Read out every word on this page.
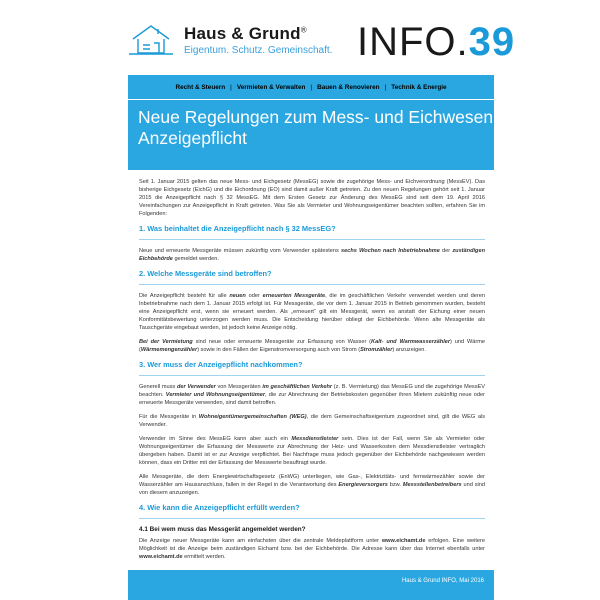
Haus & Grund®
Eigentum. Schutz. Gemeinschaft. INFO.39
Recht & Steuern | Vermieten & Verwalten | Bauen & Renovieren | Technik & Energie
Neue Regelungen zum Mess- und Eichwesen
Anzeigepflicht

Seit 1. Januar 2015 gelten das neue Mess- und Eichgesetz (MessEG) sowie die zugehörige Mess- und Eichverordnung (MessEV). Das bisherige Eichgesetz (EichG) und die Eichordnung (EO) sind damit außer Kraft getreten. Zu den neuen Regelungen gehört seit 1. Januar 2015 die Anzeigepflicht nach § 32 MessEG. Mit dem Ersten Gesetz zur Änderung des MessEG sind seit dem 19. April 2016 Vereinfachungen zur Anzeigepflicht in Kraft getreten. Was Sie als Vermieter und Wohnungseigentümer beachten sollten, erfahren Sie im Folgenden:

1. Was beinhaltet die Anzeigepflicht nach § 32 MessEG?

Neue und erneuerte Messgeräte müssen zukünftig vom Verwender spätestens sechs Wochen nach Inbetriebnahme der zuständigen Eichbehörde gemeldet werden.

2. Welche Messgeräte sind betroffen?

Die Anzeigepflicht besteht für alle neuen oder erneuerten Messgeräte, die im geschäftlichen Verkehr verwendet werden und deren Inbetriebnahme nach dem 1. Januar 2015 erfolgt ist. Für Messgeräte, die vor dem 1. Januar 2015 in Betrieb genommen wurden, besteht eine Anzeigepflicht erst, wenn sie erneuert werden. Als „erneuert“ gilt ein Messgerät, wenn es anstatt der Eichung einer neuen Konformitätsbewertung unterzogen werden muss. Die Entscheidung hierüber obliegt der Eichbehörde. Wenn alte Messgeräte als Tauschgeräte eingebaut werden, ist jedoch keine Anzeige nötig.

Bei der Vermietung sind neue oder erneuerte Messgeräte zur Erfassung von Wasser (Kalt- und Warmwasserzähler) und Wärme (Wärmemengenzähler) sowie in den Fällen der Eigenstromversorgung auch von Strom (Stromzähler) anzuzeigen.

3. Wer muss der Anzeigepflicht nachkommen?

Generell muss der Verwender von Messgeräten im geschäftlichen Verkehr (z. B. Vermietung) das MessEG und die zugehörige MessEV beachten. Vermieter und Wohnungseigentümer, die zur Abrechnung der Betriebskosten gegenüber ihren Mietern zukünftig neue oder erneuerte Messgeräte verwenden, sind damit betroffen.

Für die Messgeräte in Wohneigentümergemeinschaften (WEG), die dem Gemeinschaftseigentum zugeordnet sind, gilt die WEG als Verwender.

Verwender im Sinne des MessEG kann aber auch ein Messdienstleister sein. Dies ist der Fall, wenn Sie als Vermieter oder Wohnungseigentümer die Erfassung der Messwerte zur Abrechnung der Heiz- und Wasserkosten dem Messdienstleister vertraglich übergeben haben. Damit ist er zur Anzeige verpflichtet. Bei Nachfrage muss jedoch gegenüber der Eichbehörde nachgewiesen werden können, dass ein Dritter mit der Erfassung der Messwerte beauftragt wurde.

Alle Messgeräte, die dem Energiewirtschaftsgesetz (EnWG) unterliegen, wie Gas-, Elektrizitäts- und fernwärmezähler sowie der Wasserzähler am Hausanschluss, fallen in der Regel in die Verantwortung des Energieversorgers bzw. Messstellenbetreibers und sind von diesem anzuzeigen.

4. Wie kann die Anzeigepflicht erfüllt werden?
4.1 Bei wem muss das Messgerät angemeldet werden?

Die Anzeige neuer Messgeräte kann am einfachsten über die zentrale Meldeplattform unter www.eichamt.de erfolgen. Eine weitere Möglichkeit ist die Anzeige beim zuständigen Eichamt bzw. bei der Eichbehörde. Die Adresse kann über das Internet ebenfalls unter www.eichamt.de ermittelt werden.

Haus & Grund INFO, Mai 2016
